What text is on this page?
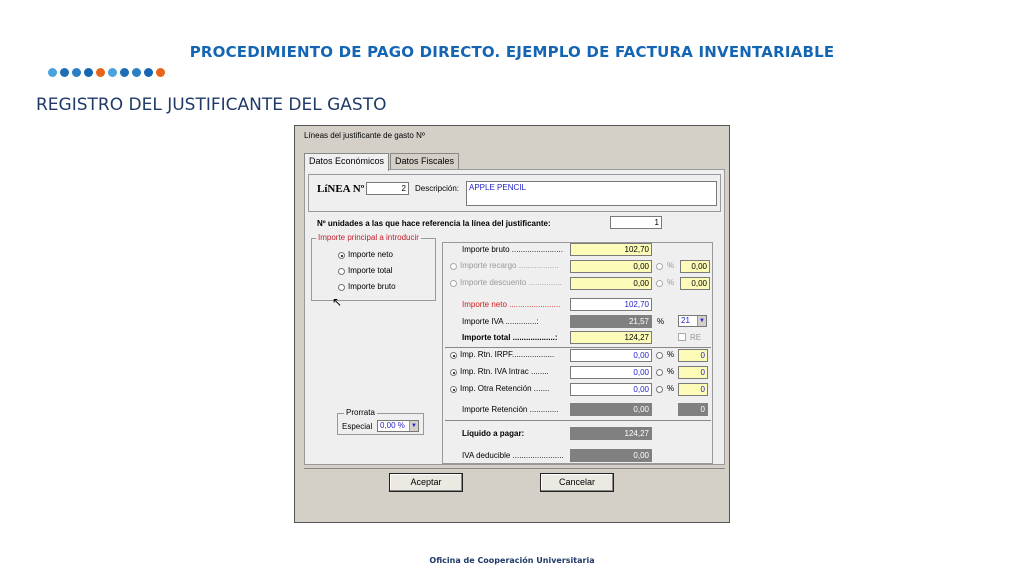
PROCEDIMIENTO DE PAGO DIRECTO. EJEMPLO DE FACTURA INVENTARIABLE
REGISTRO DEL JUSTIFICANTE DEL GASTO
Líneas del justificante de gasto Nº
Datos Económicos	Datos Fiscales
LíNEA Nº	2	Descripción:	APPLE PENCIL
Nº unidades a las que hace referencia la línea del justificante:	1
Importe principal a introducir
Importe neto
Importe total
Importe bruto
↖
Prorrata
Especial 0,00 %	▼
Importe bruto .......................	102,70
Importe recargo ..................	0,00	%	0,00
Importe descuento ...............	0,00	%	0,00
Importe neto .......................	102,70
Importe IVA ..............:	21,57	%	21	▼
Importe total ...................:	124,27	RE
Imp. Rtn. IRPF...................	0,00	%	0
Imp. Rtn. IVA Intrac ........	0,00	%	0
Imp. Otra Retención .......	0,00	%	0
Importe Retención .............	0,00	0
Líquido a pagar:	124,27
IVA deducible .......................	0,00
Aceptar	Cancelar
Oficina de Cooperación Universitaria
